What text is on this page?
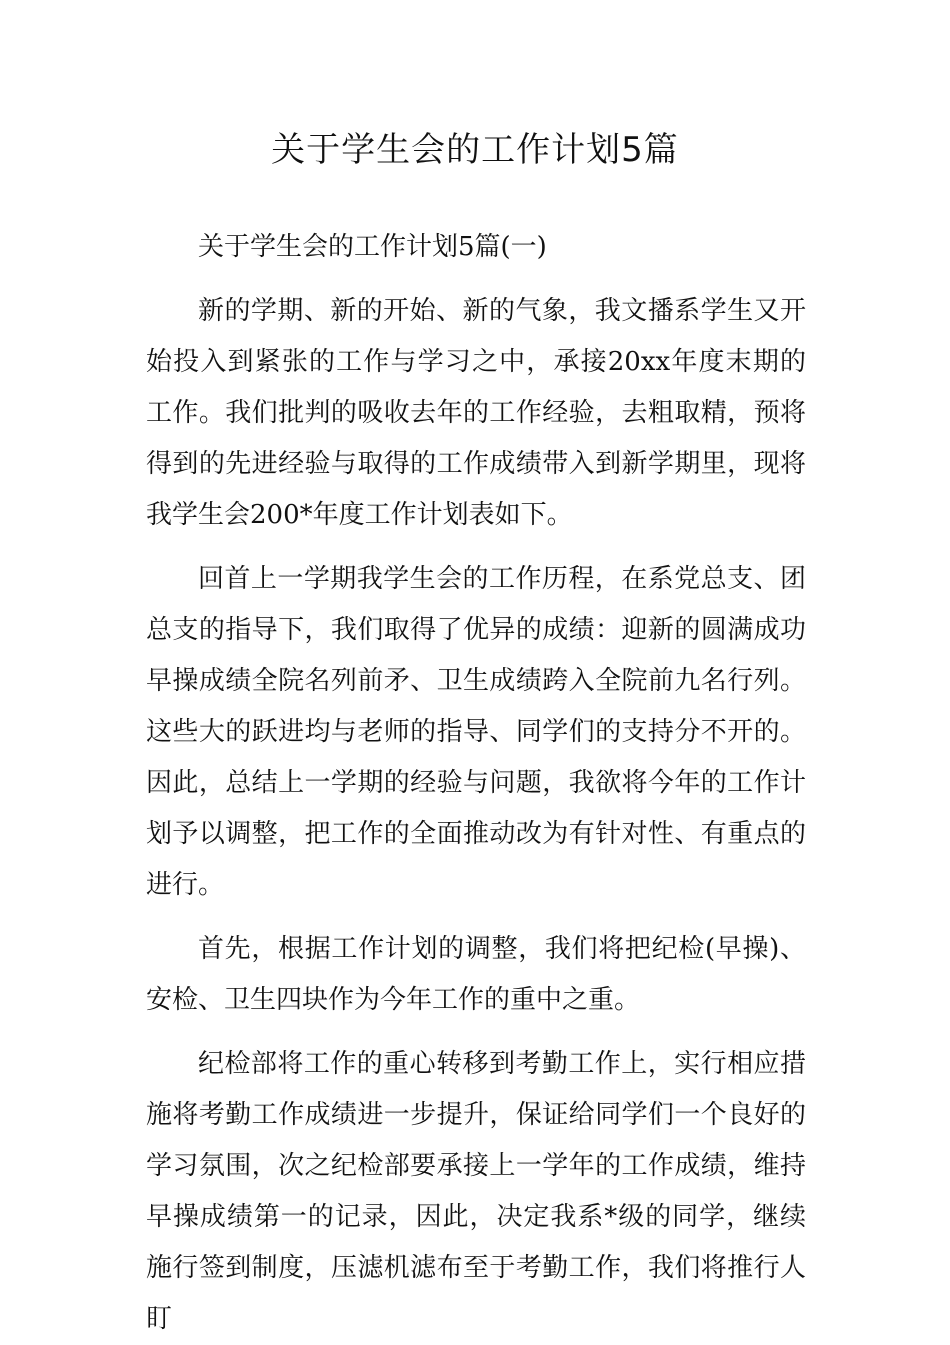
关于学生会的工作计划5篇

关于学生会的工作计划5篇(一)

新的学期、新的开始、新的气象，我文播系学生又开始投入到紧张的工作与学习之中，承接20xx年度末期的工作。我们批判的吸收去年的工作经验，去粗取精，预将得到的先进经验与取得的工作成绩带入到新学期里，现将我学生会200*年度工作计划表如下。

回首上一学期我学生会的工作历程，在系党总支、团总支的指导下，我们取得了优异的成绩：迎新的圆满成功早操成绩全院名列前矛、卫生成绩跨入全院前九名行列。这些大的跃进均与老师的指导、同学们的支持分不开的。因此，总结上一学期的经验与问题，我欲将今年的工作计划予以调整，把工作的全面推动改为有针对性、有重点的进行。

首先，根据工作计划的调整，我们将把纪检(早操)、安检、卫生四块作为今年工作的重中之重。

纪检部将工作的重心转移到考勤工作上，实行相应措施将考勤工作成绩进一步提升，保证给同学们一个良好的学习氛围，次之纪检部要承接上一学年的工作成绩，维持早操成绩第一的记录，因此，决定我系*级的同学，继续施行签到制度，压滤机滤布至于考勤工作，我们将推行人盯
